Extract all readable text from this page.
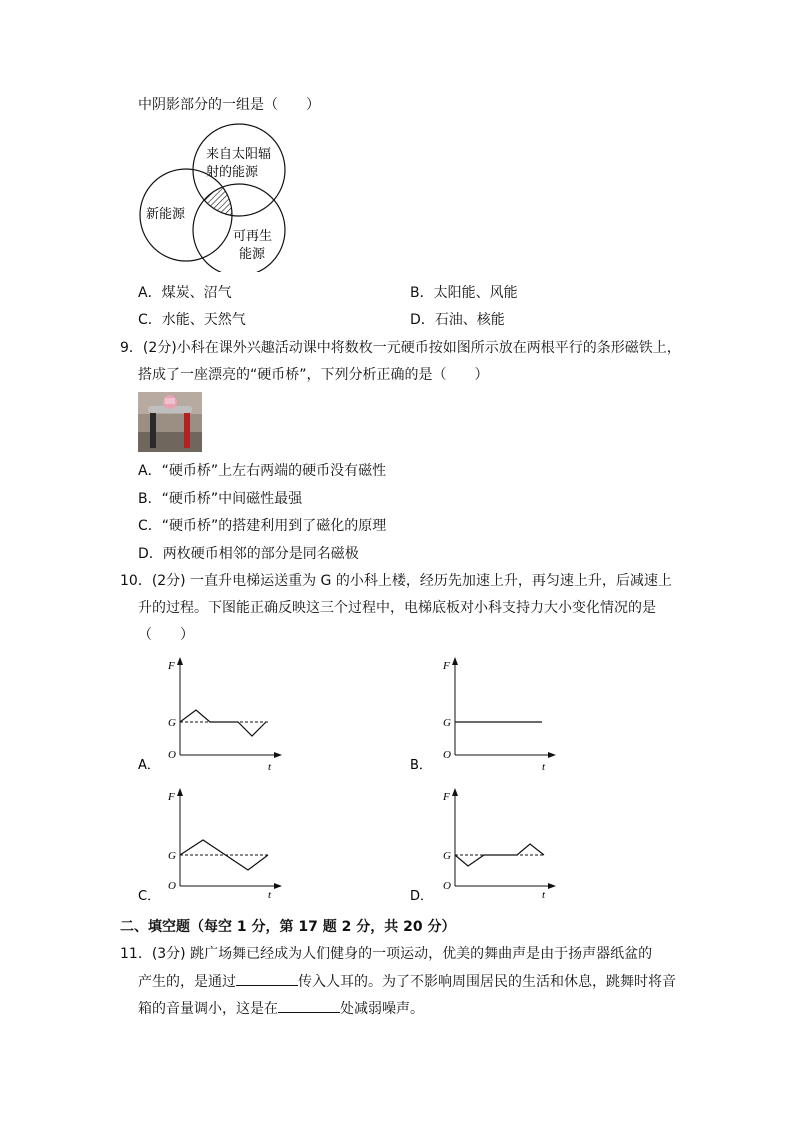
中阴影部分的一组是（　　）
来自太阳辐
射的能源
新能源
可再生
能源
A．煤炭、沼气	B．太阳能、风能
C．水能、天然气	D．石油、核能
9．(2分)小科在课外兴趣活动课中将数枚一元硬币按如图所示放在两根平行的条形磁铁上，
搭成了一座漂亮的“硬币桥”，下列分析正确的是（　　）
A．“硬币桥”上左右两端的硬币没有磁性
B．“硬币桥”中间磁性最强
C．“硬币桥”的搭建利用到了磁化的原理
D．两枚硬币相邻的部分是同名磁极
10．(2分) 一直升电梯运送重为 G 的小科上楼，经历先加速上升，再匀速上升，后减速上
升的过程。下图能正确反映这三个过程中，电梯底板对小科支持力大小变化情况的是
（　　）
A．
F
G
O
t	B．
F
G
O
t
C．
F
G
O
t	D．
F
G
O
t
二、填空题（每空 1 分，第 17 题 2 分，共 20 分）
11．(3分) 跳广场舞已经成为人们健身的一项运动，优美的舞曲声是由于扬声器纸盆的
产生的，是通过	传入人耳的。为了不影响周围居民的生活和休息，跳舞时将音
箱的音量调小，这是在	处减弱噪声。
